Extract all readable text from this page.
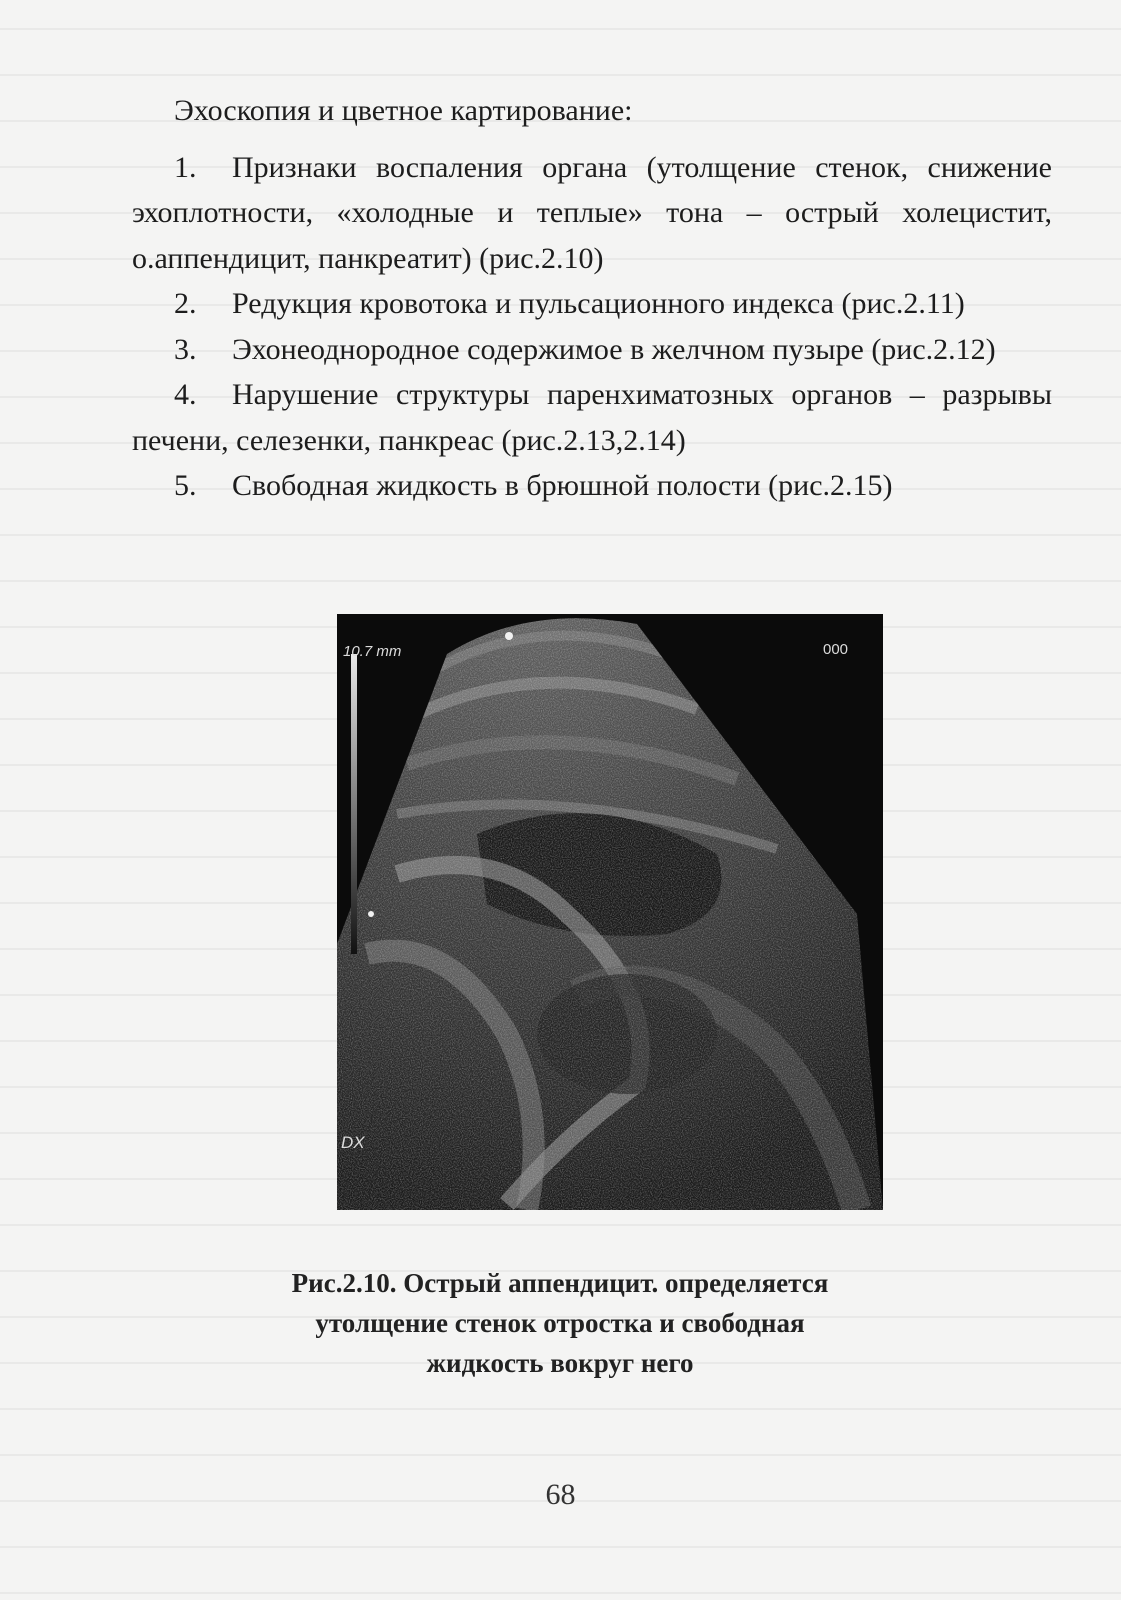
Эхоскопия и цветное картирование:

1. Признаки воспаления органа (утолщение стенок, снижение эхоплотности, «холодные и теплые» тона – острый холецистит, о.аппендицит, панкреатит) (рис.2.10)

2. Редукция кровотока и пульсационного индекса (рис.2.11)

3. Эхонеоднородное содержимое в желчном пузыре (рис.2.12)

4. Нарушение структуры паренхиматозных органов – разрывы печени, селезенки, панкреас (рис.2.13,2.14)

5. Свободная жидкость в брюшной полости (рис.2.15)

10.7 mm	000
DX
Рис.2.10. Острый аппендицит. определяется
утолщение стенок отростка и свободная
жидкость вокруг него
68
